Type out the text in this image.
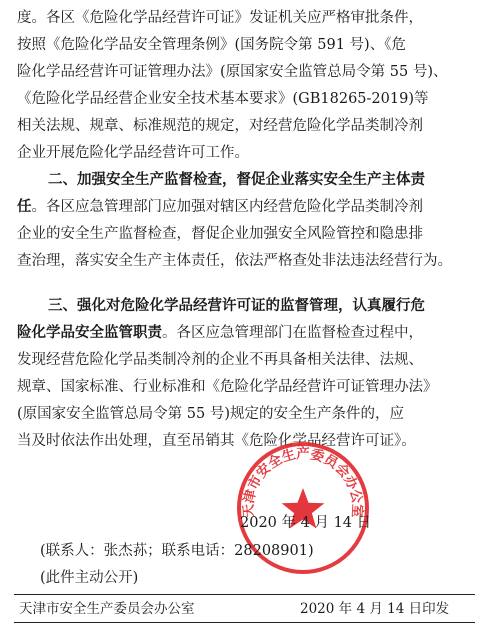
度。各区《危险化学品经营许可证》发证机关应严格审批条件，
按照《危险化学品安全管理条例》(国务院令第 591 号)、《危
险化学品经营许可证管理办法》(原国家安全监管总局令第 55 号)、
《危险化学品经营企业安全技术基本要求》(GB18265-2019)等
相关法规、规章、标准规范的规定，对经营危险化学品类制冷剂
企业开展危险化学品经营许可工作。
二、加强安全生产监督检查，督促企业落实安全生产主体责
任。各区应急管理部门应加强对辖区内经营危险化学品类制冷剂
企业的安全生产监督检查，督促企业加强安全风险管控和隐患排
查治理，落实安全生产主体责任，依法严格查处非法违法经营行为。
三、强化对危险化学品经营许可证的监督管理，认真履行危
险化学品安全监管职责。各区应急管理部门在监督检查过程中，
发现经营危险化学品类制冷剂的企业不再具备相关法律、法规、
规章、国家标准、行业标准和《危险化学品经营许可证管理办法》
(原国家安全监管总局令第 55 号)规定的安全生产条件的，应
当及时依法作出处理，直至吊销其《危险化学品经营许可证》。
天津市安全生产委员会办公室
2020 年 4 月 14 日
(联系人：张杰荪；联系电话：28208901)
(此件主动公开)
天津市安全生产委员会办公室	2020 年 4 月 14 日印发
